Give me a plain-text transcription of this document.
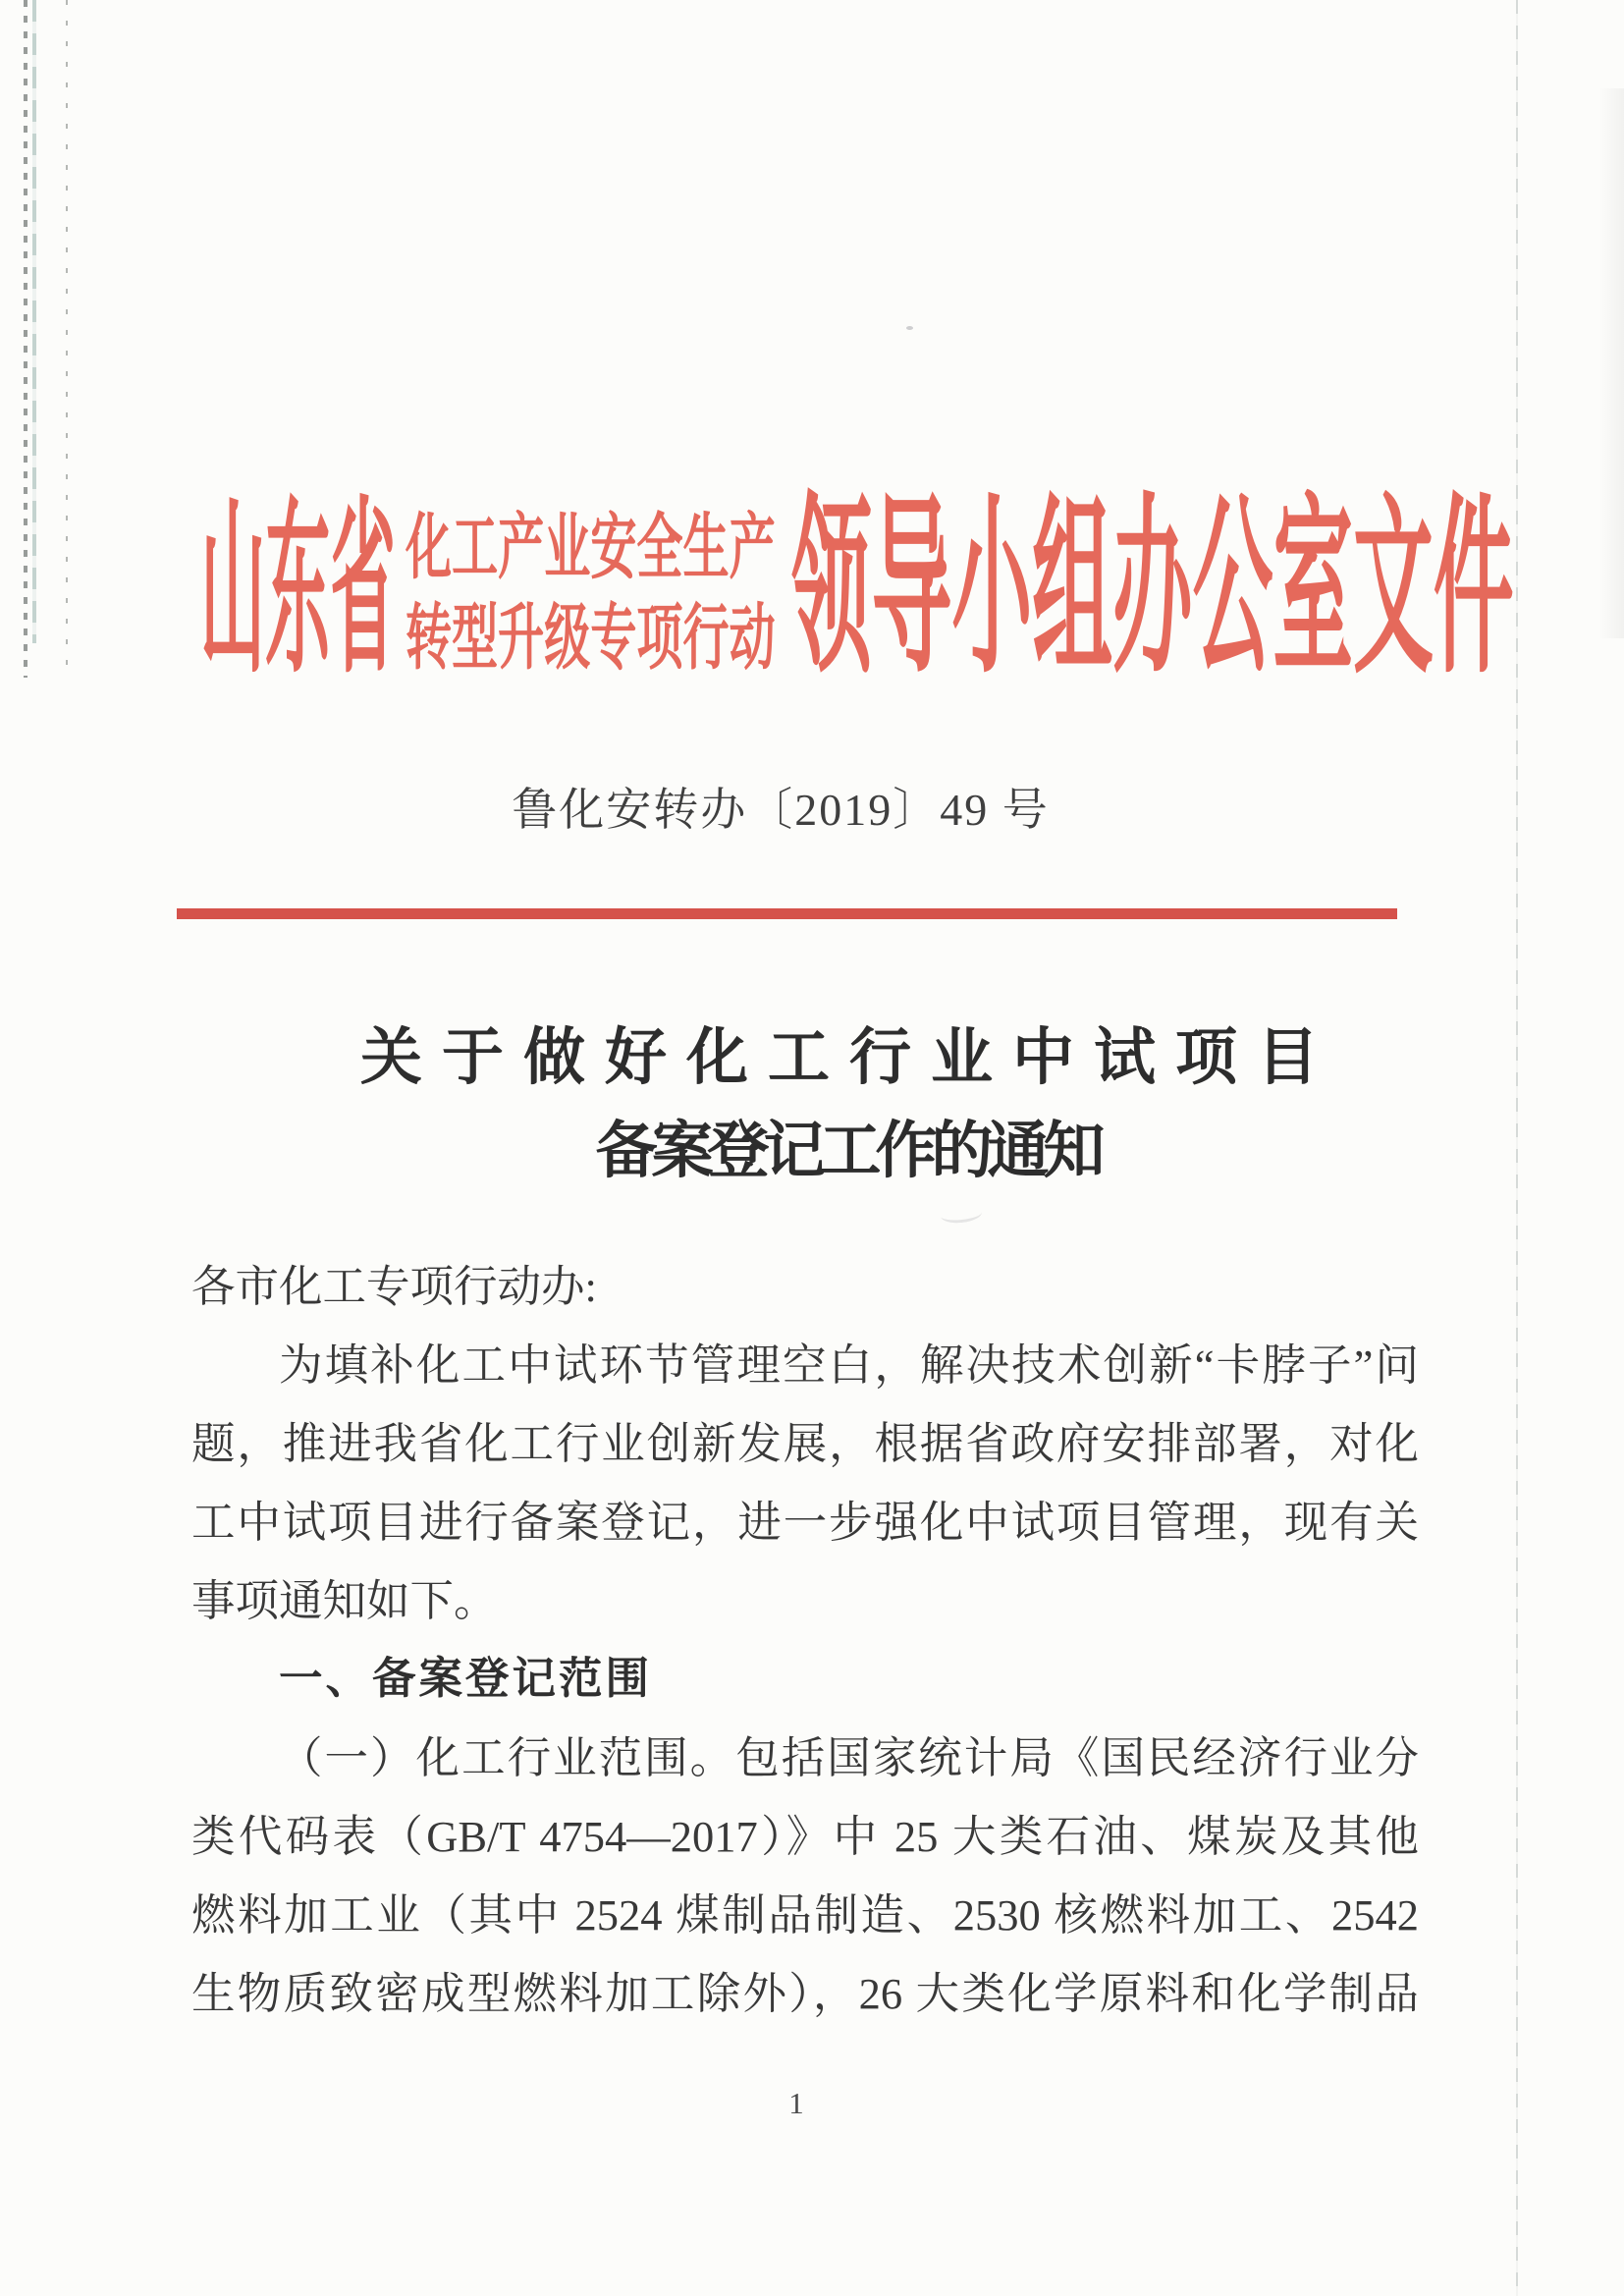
山东省 化工产业安全生产
转型升级专项行动 领导小组办公室文件
鲁化安转办〔2019〕49 号
关于做好化工行业中试项目
备案登记工作的通知
各市化工专项行动办:
为填补化工中试环节管理空白，解决技术创新“卡脖子”问
题，推进我省化工行业创新发展，根据省政府安排部署，对化
工中试项目进行备案登记，进一步强化中试项目管理，现有关
事项通知如下。
一、备案登记范围
（一）化工行业范围。包括国家统计局《国民经济行业分
类代码表（GB/T 4754—2017）》中 25 大类石油、煤炭及其他
燃料加工业（其中 2524 煤制品制造、2530 核燃料加工、2542
生物质致密成型燃料加工除外），26 大类化学原料和化学制品
1
